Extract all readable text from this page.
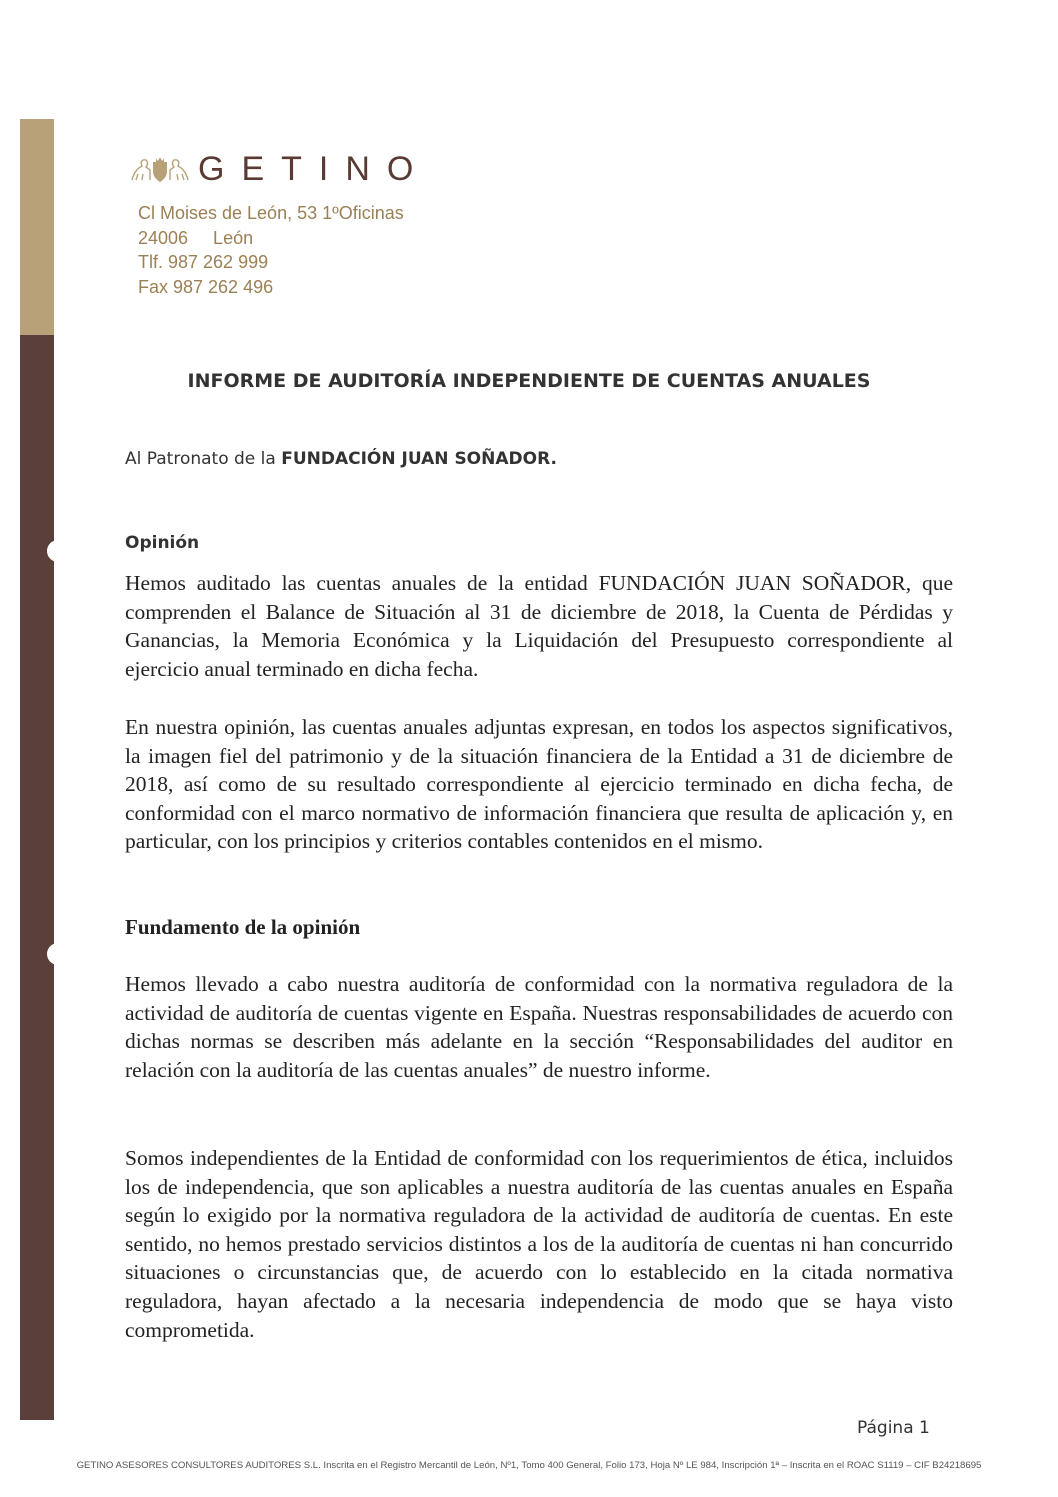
GETINO
Cl Moises de León, 53 1ºOficinas
24006     León
Tlf. 987 262 999
Fax 987 262 496
INFORME DE AUDITORÍA INDEPENDIENTE DE CUENTAS ANUALES

Al Patronato de la FUNDACIÓN JUAN SOÑADOR.

Opinión

Hemos auditado las cuentas anuales de la entidad FUNDACIÓN JUAN SOÑADOR, que comprenden el Balance de Situación al 31 de diciembre de 2018, la Cuenta de Pérdidas y Ganancias, la Memoria Económica y la Liquidación del Presupuesto correspondiente al ejercicio anual terminado en dicha fecha.

En nuestra opinión, las cuentas anuales adjuntas expresan, en todos los aspectos significativos, la imagen fiel del patrimonio y de la situación financiera de la Entidad a 31 de diciembre de 2018, así como de su resultado correspondiente al ejercicio terminado en dicha fecha, de conformidad con el marco normativo de información financiera que resulta de aplicación y, en particular, con los principios y criterios contables contenidos en el mismo.

Fundamento de la opinión

Hemos llevado a cabo nuestra auditoría de conformidad con la normativa reguladora de la actividad de auditoría de cuentas vigente en España. Nuestras responsabilidades de acuerdo con dichas normas se describen más adelante en la sección “Responsabilidades del auditor en relación con la auditoría de las cuentas anuales” de nuestro informe.

Somos independientes de la Entidad de conformidad con los requerimientos de ética, incluidos los de independencia, que son aplicables a nuestra auditoría de las cuentas anuales en España según lo exigido por la normativa reguladora de la actividad de auditoría de cuentas. En este sentido, no hemos prestado servicios distintos a los de la auditoría de cuentas ni han concurrido situaciones o circunstancias que, de acuerdo con lo establecido en la citada normativa reguladora, hayan afectado a la necesaria independencia de modo que se haya visto comprometida.

Página 1
GETINO ASESORES CONSULTORES AUDITORES S.L. Inscrita en el Registro Mercantil de León, Nº1, Tomo 400 General, Folio 173, Hoja Nº LE 984, Inscripción 1ª – Inscrita en el ROAC S1119 – CIF B24218695
